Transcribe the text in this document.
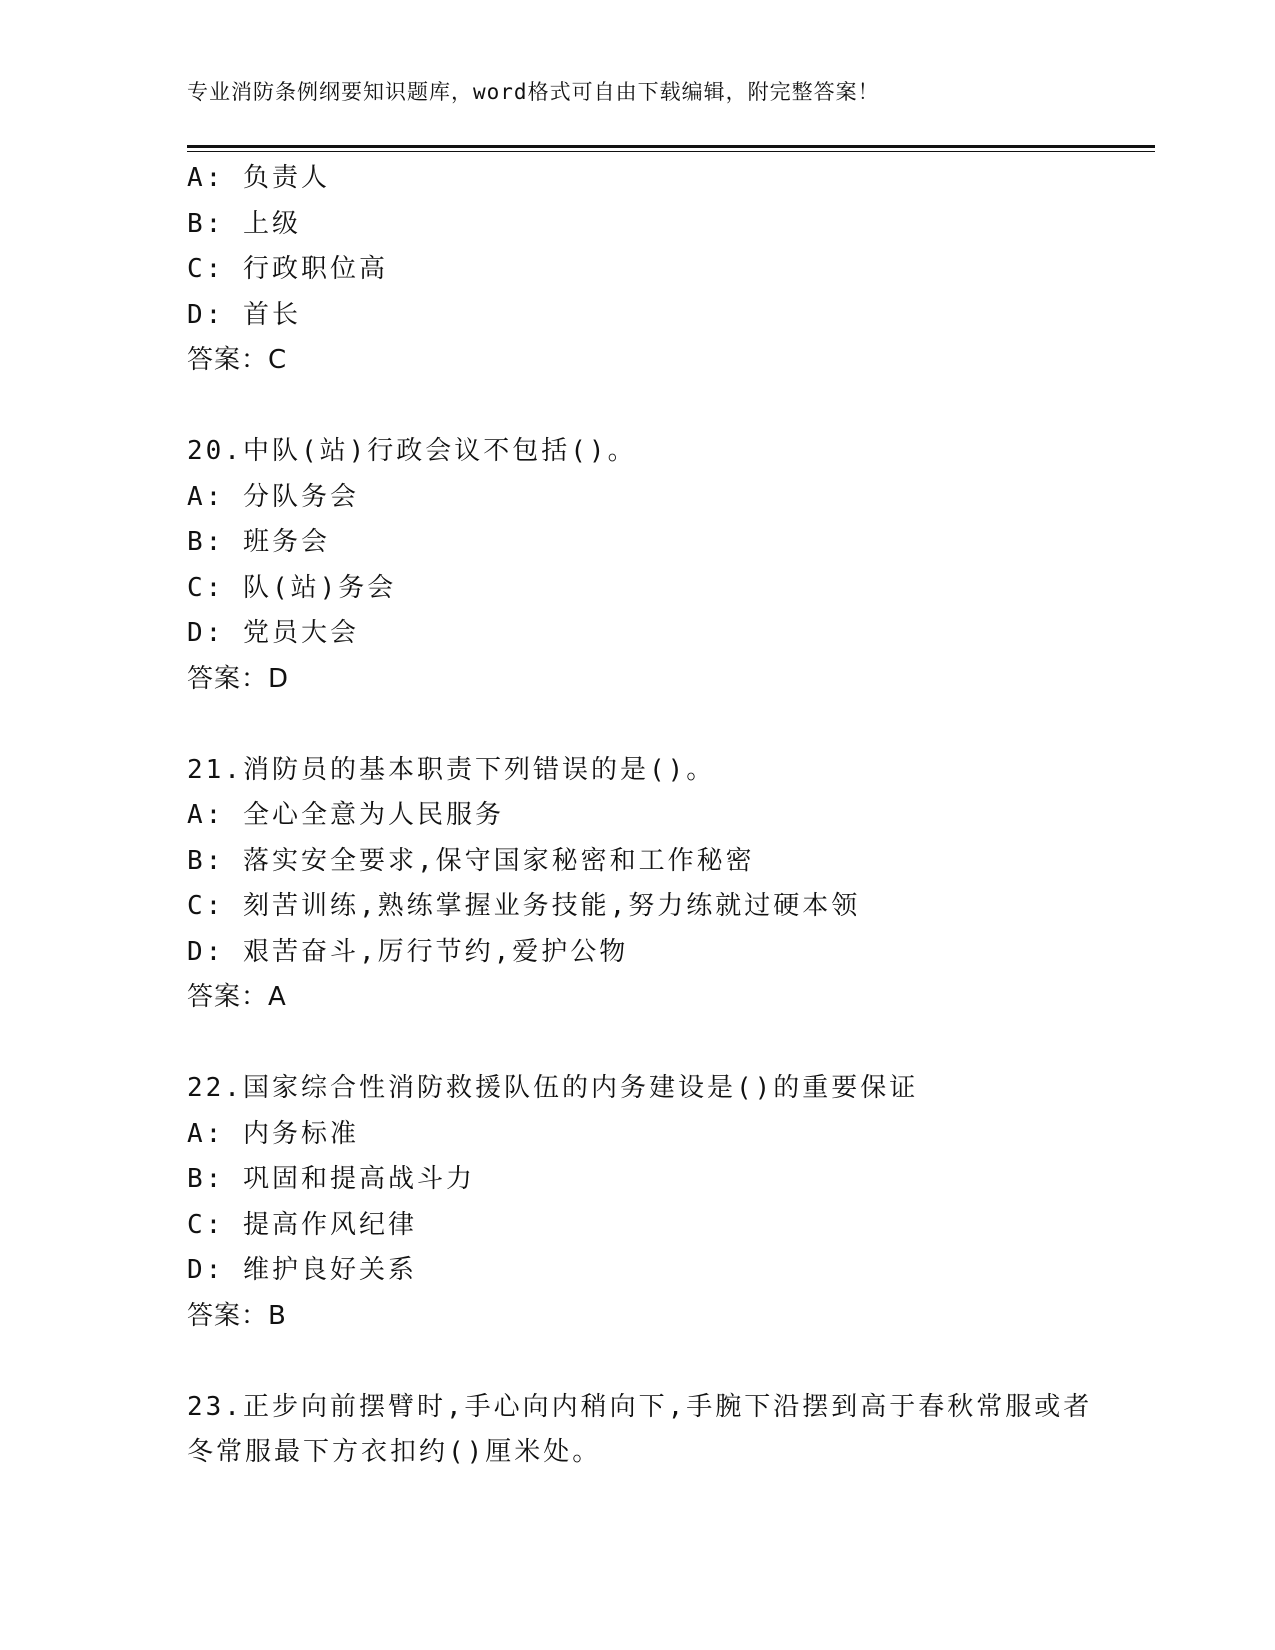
专业消防条例纲要知识题库，word格式可自由下载编辑，附完整答案！
A: 负责人
B: 上级
C: 行政职位高
D: 首长
答案：C
20.中队(站)行政会议不包括()。
A: 分队务会
B: 班务会
C: 队(站)务会
D: 党员大会
答案：D
21.消防员的基本职责下列错误的是()。
A: 全心全意为人民服务
B: 落实安全要求,保守国家秘密和工作秘密
C: 刻苦训练,熟练掌握业务技能,努力练就过硬本领
D: 艰苦奋斗,厉行节约,爱护公物
答案：A
22.国家综合性消防救援队伍的内务建设是()的重要保证
A: 内务标准
B: 巩固和提高战斗力
C: 提高作风纪律
D: 维护良好关系
答案：B
23.正步向前摆臂时,手心向内稍向下,手腕下沿摆到高于春秋常服或者
冬常服最下方衣扣约()厘米处。
